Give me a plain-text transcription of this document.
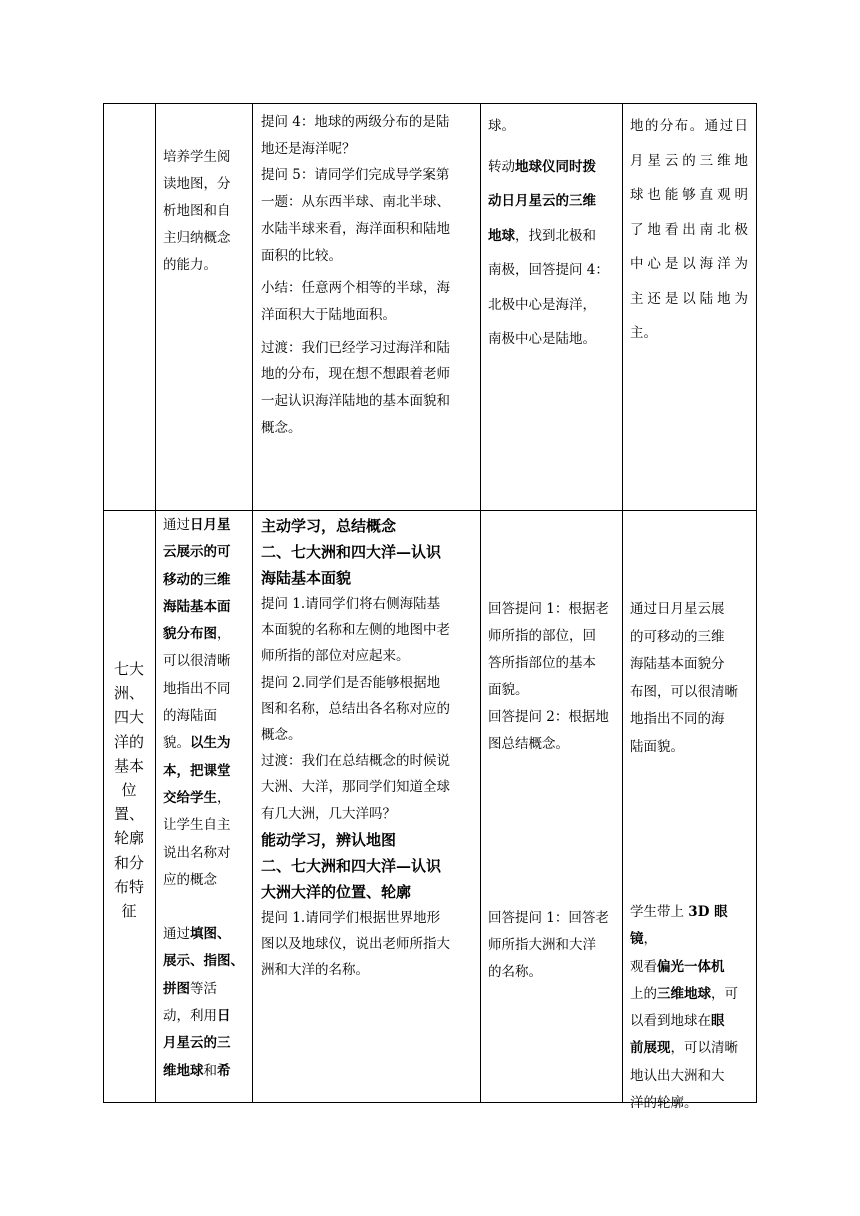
培养学生阅

读地图，分

析地图和自

主归纳概念

的能力。

提问 4：地球的两级分布的是陆

地还是海洋呢？

提问 5：请同学们完成导学案第

一题：从东西半球、南北半球、

水陆半球来看，海洋面积和陆地

面积的比较。

小结：任意两个相等的半球，海

洋面积大于陆地面积。

过渡：我们已经学习过海洋和陆

地的分布，现在想不想跟着老师

一起认识海洋陆地的基本面貌和

概念。

球。

转动地球仪同时拨

动日月星云的三维

地球，找到北极和

南极，回答提问 4：

北极中心是海洋，

南极中心是陆地。

地的分布。通过日

月星云的三维地

球也能够直观明

了地看出南北极

中心是以海洋为

主还是以陆地为

主。

七大

洲、

四大

洋的

基本

位

置、

轮廓

和分

布特

征

通过日月星

云展示的可

移动的三维

海陆基本面

貌分布图，

可以很清晰

地指出不同

的海陆面

貌。以生为

本，把课堂

交给学生，

让学生自主

说出名称对

应的概念

通过填图、

展示、指图、

拼图等活

动，利用日

月星云的三

维地球和希

主动学习，总结概念

二、七大洲和四大洋—认识

海陆基本面貌

提问 1.请同学们将右侧海陆基

本面貌的名称和左侧的地图中老

师所指的部位对应起来。

提问 2.同学们是否能够根据地

图和名称，总结出各名称对应的

概念。

过渡：我们在总结概念的时候说

大洲、大洋，那同学们知道全球

有几大洲，几大洋吗？

能动学习，辨认地图

二、七大洲和四大洋—认识

大洲大洋的位置、轮廓

提问 1.请同学们根据世界地形

图以及地球仪，说出老师所指大

洲和大洋的名称。

回答提问 1：根据老

师所指的部位，回

答所指部位的基本

面貌。

回答提问 2：根据地

图总结概念。

回答提问 1：回答老

师所指大洲和大洋

的名称。

通过日月星云展

的可移动的三维

海陆基本面貌分

布图，可以很清晰

地指出不同的海

陆面貌。

学生带上 3D 眼镜，

观看偏光一体机

上的三维地球，可

以看到地球在眼

前展现，可以清晰

地认出大洲和大

洋的轮廓。
